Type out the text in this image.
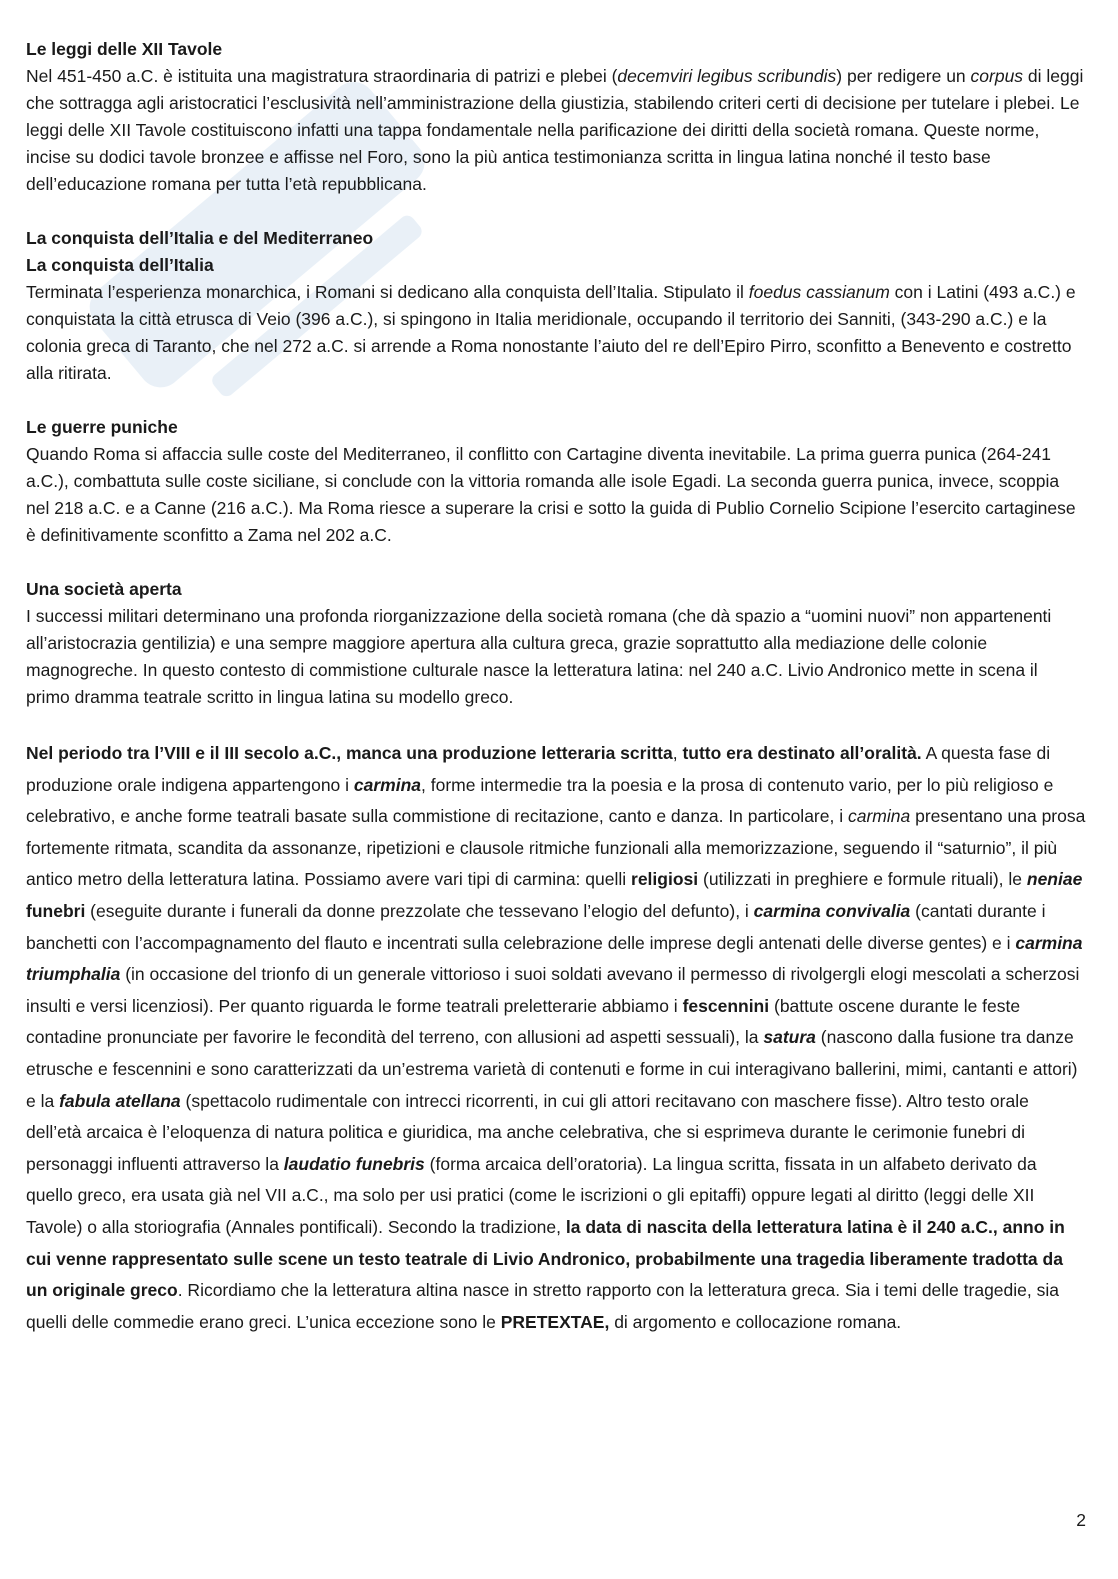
Le leggi delle XII Tavole

Nel 451-450 a.C. è istituita una magistratura straordinaria di patrizi e plebei (decemviri legibus scribundis) per redigere un corpus di leggi che sottragga agli aristocratici l’esclusività nell’amministrazione della giustizia, stabilendo criteri certi di decisione per tutelare i plebei. Le leggi delle XII Tavole costituiscono infatti una tappa fondamentale nella parificazione dei diritti della società romana. Queste norme, incise su dodici tavole bronzee e affisse nel Foro, sono la più antica testimonianza scritta in lingua latina nonché il testo base dell’educazione romana per tutta l’età repubblicana.

La conquista dell’Italia e del Mediterraneo

La conquista dell’Italia

Terminata l’esperienza monarchica, i Romani si dedicano alla conquista dell’Italia. Stipulato il foedus cassianum con i Latini (493 a.C.) e conquistata la città etrusca di Veio (396 a.C.), si spingono in Italia meridionale, occupando il territorio dei Sanniti, (343-290 a.C.) e la colonia greca di Taranto, che nel 272 a.C. si arrende a Roma nonostante l’aiuto del re dell’Epiro Pirro, sconfitto a Benevento e costretto alla ritirata.

Le guerre puniche

Quando Roma si affaccia sulle coste del Mediterraneo, il conflitto con Cartagine diventa inevitabile. La prima guerra punica (264-241 a.C.), combattuta sulle coste siciliane, si conclude con la vittoria romanda alle isole Egadi. La seconda guerra punica, invece, scoppia nel 218 a.C. e a Canne (216 a.C.). Ma Roma riesce a superare la crisi e sotto la guida di Publio Cornelio Scipione l’esercito cartaginese è definitivamente sconfitto a Zama nel 202 a.C.

Una società aperta

I successi militari determinano una profonda riorganizzazione della società romana (che dà spazio a “uomini nuovi” non appartenenti all’aristocrazia gentilizia) e una sempre maggiore apertura alla cultura greca, grazie soprattutto alla mediazione delle colonie magnogreche. In questo contesto di commistione culturale nasce la letteratura latina: nel 240 a.C. Livio Andronico mette in scena il primo dramma teatrale scritto in lingua latina su modello greco.

Nel periodo tra l’VIII e il III secolo a.C., manca una produzione letteraria scritta, tutto era destinato all’oralità. A questa fase di produzione orale indigena appartengono i carmina, forme intermedie tra la poesia e la prosa di contenuto vario, per lo più religioso e celebrativo, e anche forme teatrali basate sulla commistione di recitazione, canto e danza. In particolare, i carmina presentano una prosa fortemente ritmata, scandita da assonanze, ripetizioni e clausole ritmiche funzionali alla memorizzazione, seguendo il “saturnio”, il più antico metro della letteratura latina. Possiamo avere vari tipi di carmina: quelli religiosi (utilizzati in preghiere e formule rituali), le neniae funebri (eseguite durante i funerali da donne prezzolate che tessevano l’elogio del defunto), i carmina convivalia (cantati durante i banchetti con l’accompagnamento del flauto e incentrati sulla celebrazione delle imprese degli antenati delle diverse gentes) e i carmina triumphalia (in occasione del trionfo di un generale vittorioso i suoi soldati avevano il permesso di rivolgergli elogi mescolati a scherzosi insulti e versi licenziosi). Per quanto riguarda le forme teatrali preletterarie abbiamo i fescennini (battute oscene durante le feste contadine pronunciate per favorire le fecondità del terreno, con allusioni ad aspetti sessuali), la satura (nascono dalla fusione tra danze etrusche e fescennini e sono caratterizzati da un’estrema varietà di contenuti e forme in cui interagivano ballerini, mimi, cantanti e attori) e la fabula atellana (spettacolo rudimentale con intrecci ricorrenti, in cui gli attori recitavano con maschere fisse). Altro testo orale dell’età arcaica è l’eloquenza di natura politica e giuridica, ma anche celebrativa, che si esprimeva durante le cerimonie funebri di personaggi influenti attraverso la laudatio funebris (forma arcaica dell’oratoria). La lingua scritta, fissata in un alfabeto derivato da quello greco, era usata già nel VII a.C., ma solo per usi pratici (come le iscrizioni o gli epitaffi) oppure legati al diritto (leggi delle XII Tavole) o alla storiografia (Annales pontificali). Secondo la tradizione, la data di nascita della letteratura latina è il 240 a.C., anno in cui venne rappresentato sulle scene un testo teatrale di Livio Andronico, probabilmente una tragedia liberamente tradotta da un originale greco. Ricordiamo che la letteratura altina nasce in stretto rapporto con la letteratura greca. Sia i temi delle tragedie, sia quelli delle commedie erano greci. L’unica eccezione sono le PRETEXTAE, di argomento e collocazione romana.

2
